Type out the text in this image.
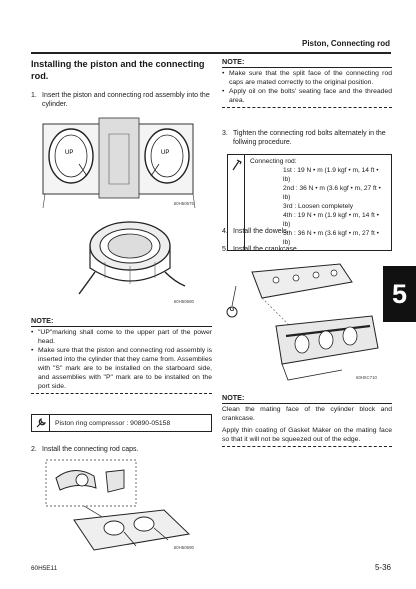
Piston, Connecting rod
Installing the piston and the connecting rod.
1. Insert the piston and connecting rod assembly into the cylinder.
UP	UP
60H50675
60H50680
NOTE:
• "UP"marking shall come to the upper part of the power head.
• Make sure that the piston and connecting rod assembly is inserted into the cylinder that they came from. Assemblies with "S" mark are to be installed on the starboard side, and assemblies with "P" mark are to be installed on the port side.
Piston ring compressor : 90890-05158
2. Install the connecting rod caps.
60H50690
NOTE:
• Make sure that the split face of the connecting rod caps are mated correctly to the original position.
• Apply oil on the bolts' seating face and the threaded area.
3. Tighten the connecting rod bolts alternately in the follwing procedure.
Connecting rod:
1st : 19 N • m (1.9 kgf • m, 14 ft • lb)
2nd : 36 N • m (3.6 kgf • m, 27 ft • lb)
3rd : Loosen completely
4th : 19 N • m (1.9 kgf • m, 14 ft • lb)
5th : 36 N • m (3.6 kgf • m, 27 ft • lb)
4. Install the dowels.
5. Install the crankcase.
G
60H5C710
NOTE:
Clean the mating face of the cylinder block and crankcase.
Apply thin coating of Gasket Maker on the mating face so that it will not be squeezed out of the edge.
5
60H5E11	5-36
